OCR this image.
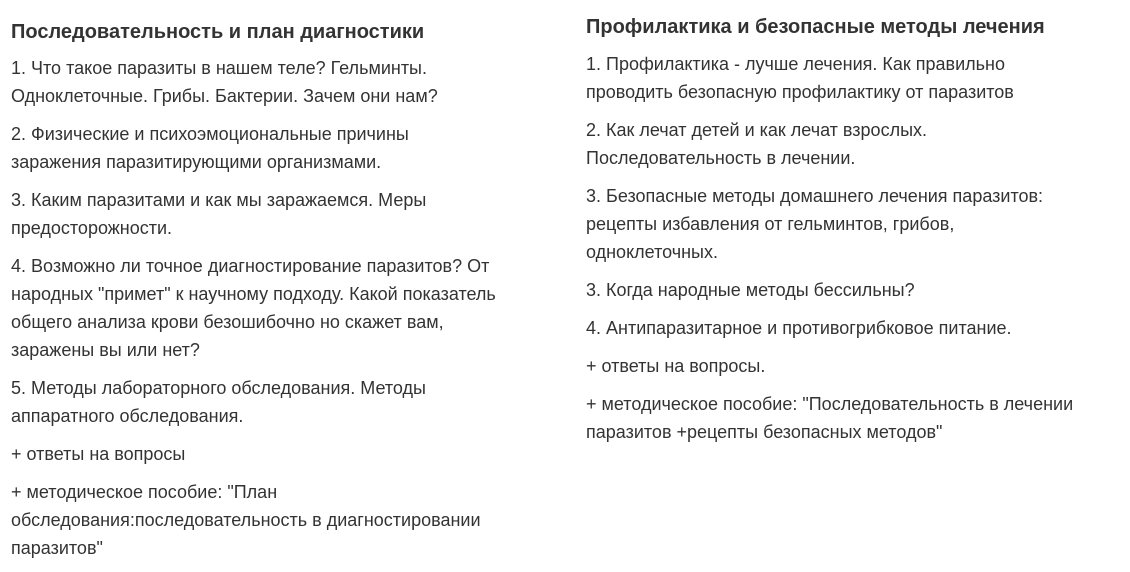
Последовательность и план диагностики

1. Что такое паразиты в нашем теле? Гельминты.
Одноклеточные. Грибы. Бактерии. Зачем они нам?

2. Физические и психоэмоциональные причины
заражения паразитирующими организмами.

3. Каким паразитами и как мы заражаемся. Меры
предосторожности.

4. Возможно ли точное диагностирование паразитов? От
народных "примет" к научному подходу. Какой показатель
общего анализа крови безошибочно но скажет вам,
заражены вы или нет?

5. Методы лабораторного обследования. Методы
аппаратного обследования.

+ ответы на вопросы

+ методическое пособие: "План
обследования:последовательность в диагностировании
паразитов"

Профилактика и безопасные методы лечения

1. Профилактика - лучше лечения. Как правильно
проводить безопасную профилактику от паразитов

2. Как лечат детей и как лечат взрослых.
Последовательность в лечении.

3. Безопасные методы домашнего лечения паразитов:
рецепты избавления от гельминтов, грибов,
одноклеточных.

3. Когда народные методы бессильны?

4. Антипаразитарное и противогрибковое питание.

+ ответы на вопросы.

+ методическое пособие: "Последовательность в лечении
паразитов +рецепты безопасных методов"
